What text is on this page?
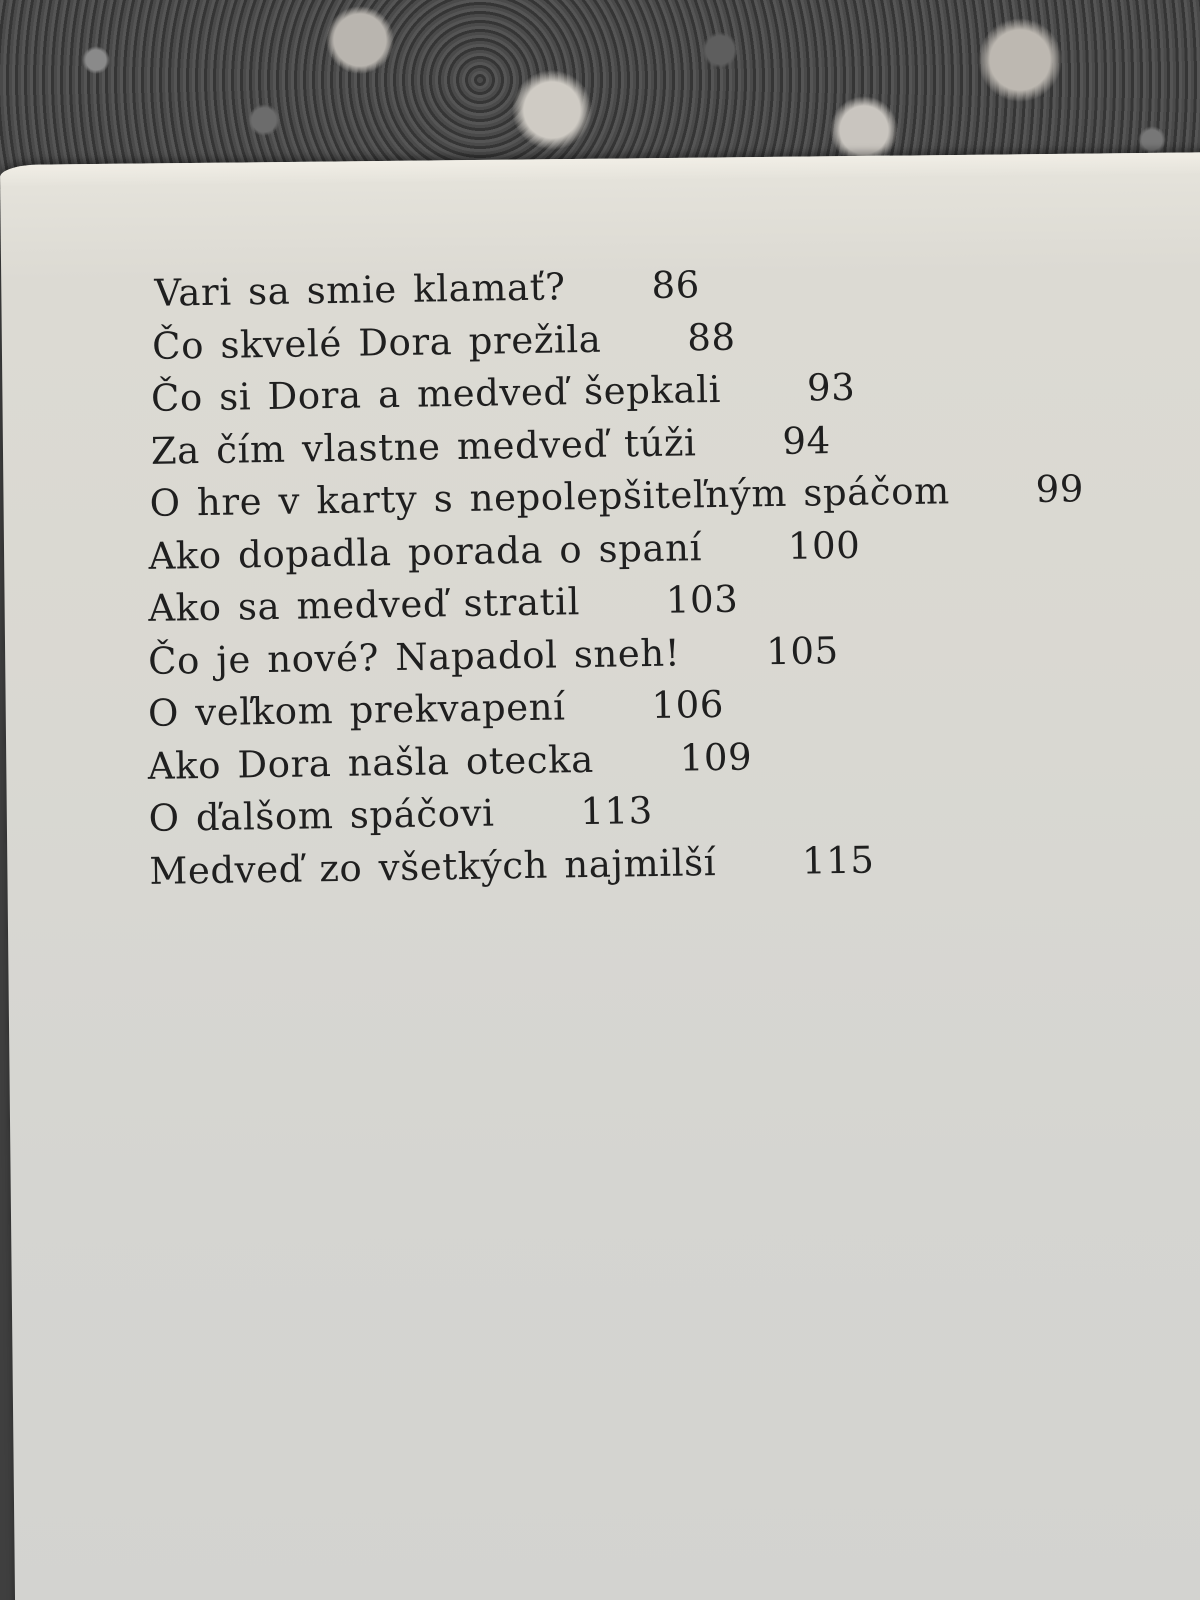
Vari sa smie klamať? 86
Čo skvelé Dora prežila 88
Čo si Dora a medveď šepkali 93
Za čím vlastne medveď túži 94
O hre v karty s nepolepšiteľným spáčom 99
Ako dopadla porada o spaní 100
Ako sa medveď stratil 103
Čo je nové? Napadol sneh! 105
O veľkom prekvapení 106
Ako Dora našla otecka 109
O ďalšom spáčovi 113
Medveď zo všetkých najmilší 115
